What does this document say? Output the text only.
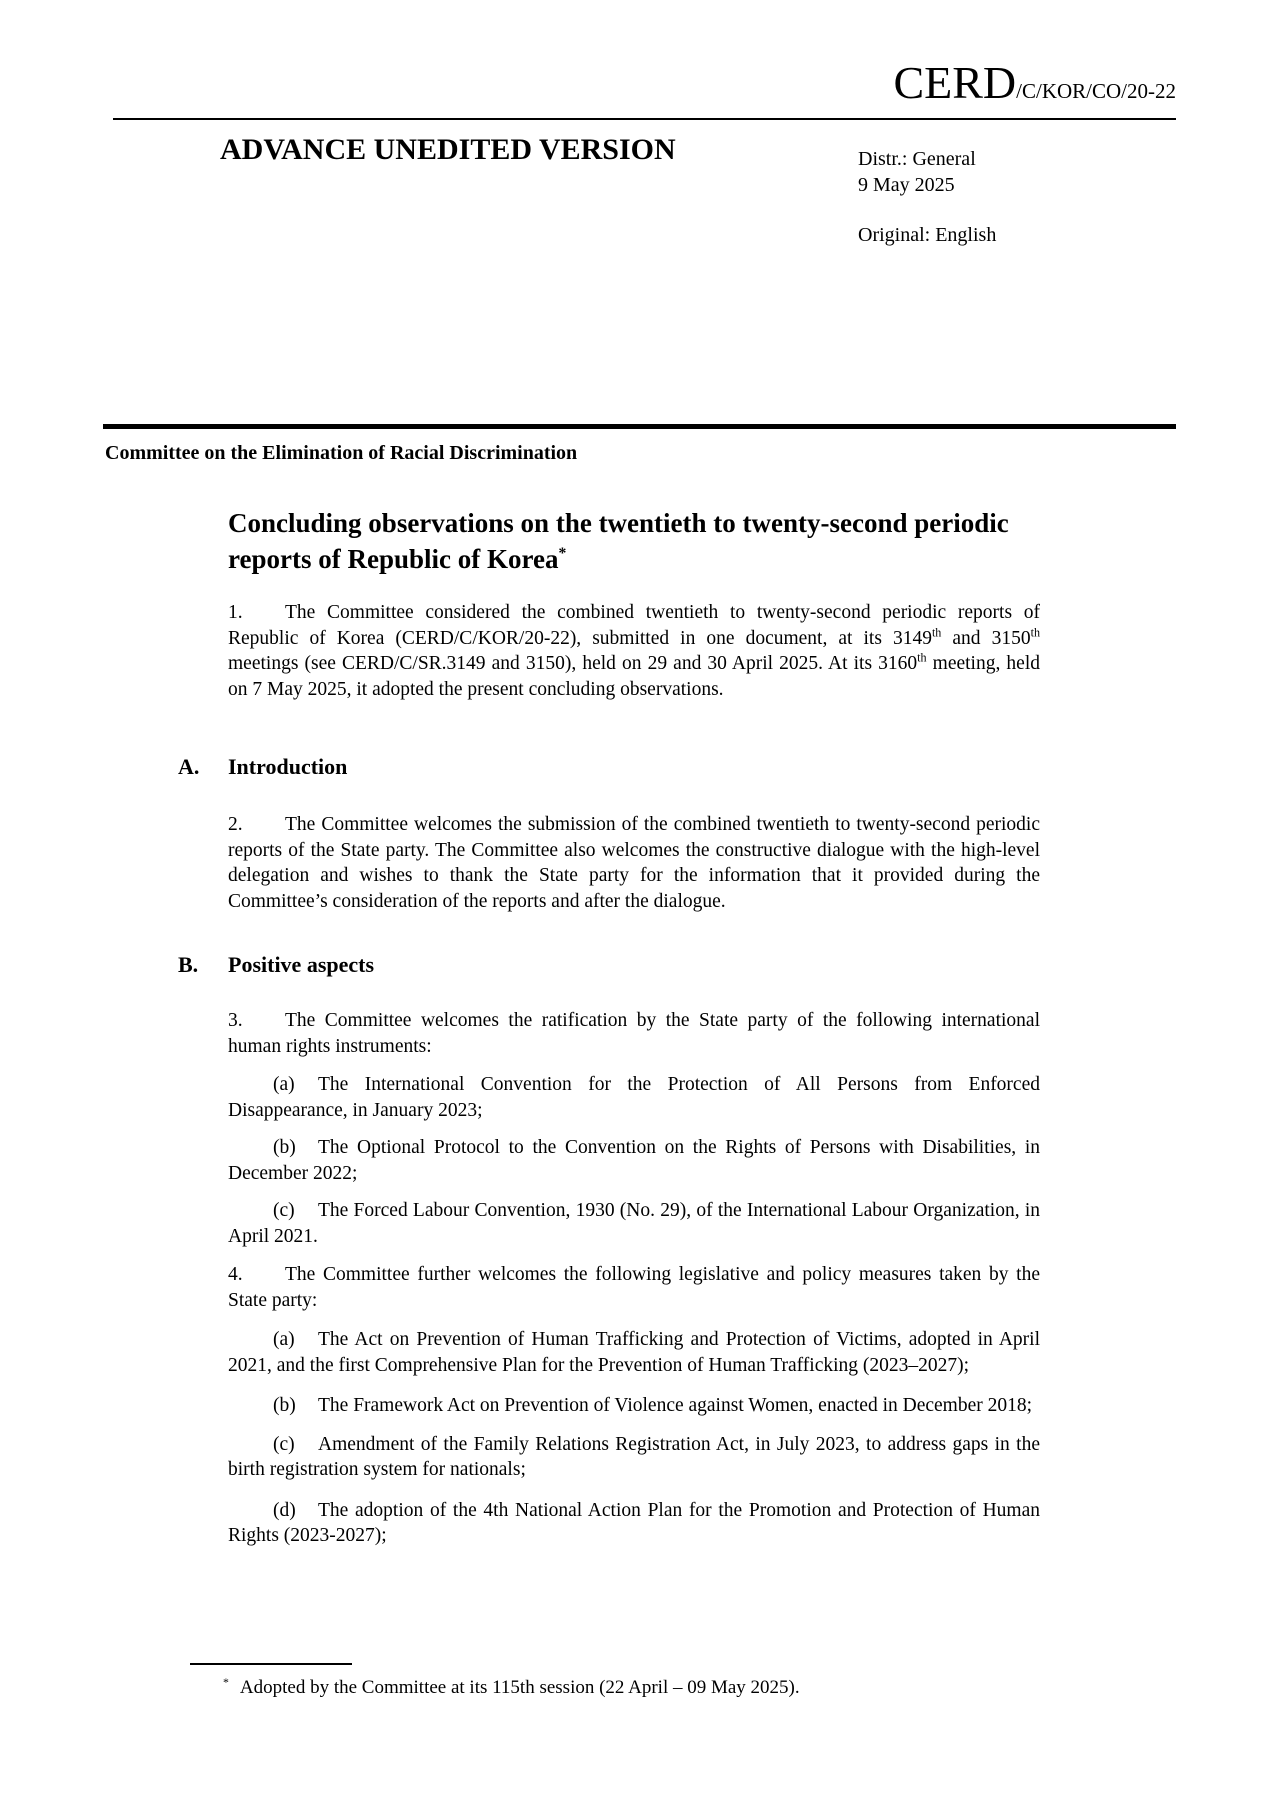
CERD/C/KOR/CO/20-22
ADVANCE UNEDITED VERSION	Distr.: General
9 May 2025
Original: English
Committee on the Elimination of Racial Discrimination
Concluding observations on the twentieth to twenty-second periodic reports of Republic of Korea*

1. The Committee considered the combined twentieth to twenty-second periodic reports of Republic of Korea (CERD/C/KOR/20-22), submitted in one document, at its 3149th and 3150th meetings (see CERD/C/SR.3149 and 3150), held on 29 and 30 April 2025. At its 3160th meeting, held on 7 May 2025, it adopted the present concluding observations.

A. Introduction

2. The Committee welcomes the submission of the combined twentieth to twenty-second periodic reports of the State party. The Committee also welcomes the constructive dialogue with the high-level delegation and wishes to thank the State party for the information that it provided during the Committee’s consideration of the reports and after the dialogue.

B. Positive aspects

3. The Committee welcomes the ratification by the State party of the following international human rights instruments:

(a) The International Convention for the Protection of All Persons from Enforced Disappearance, in January 2023;

(b) The Optional Protocol to the Convention on the Rights of Persons with Disabilities, in December 2022;

(c) The Forced Labour Convention, 1930 (No. 29), of the International Labour Organization, in April 2021.

4. The Committee further welcomes the following legislative and policy measures taken by the State party:

(a) The Act on Prevention of Human Trafficking and Protection of Victims, adopted in April 2021, and the first Comprehensive Plan for the Prevention of Human Trafficking (2023–2027);

(b) The Framework Act on Prevention of Violence against Women, enacted in December 2018;

(c) Amendment of the Family Relations Registration Act, in July 2023, to address gaps in the birth registration system for nationals;

(d) The adoption of the 4th National Action Plan for the Promotion and Protection of Human Rights (2023-2027);

* Adopted by the Committee at its 115th session (22 April – 09 May 2025).
